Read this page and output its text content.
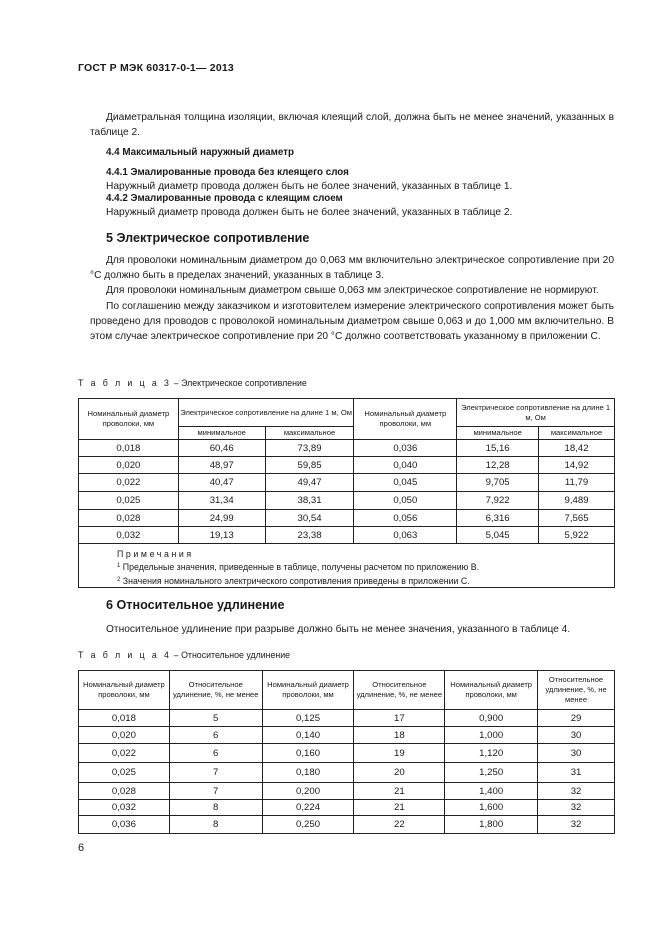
ГОСТ Р МЭК 60317-0-1— 2013

Диаметральная толщина изоляции, включая клеящий слой, должна быть не менее значений, указанных в таблице 2.

4.4 Максимальный наружный диаметр
4.4.1 Эмалированные провода без клеящего слоя
Наружный диаметр провода должен быть не более значений, указанных в таблице 1.
4.4.2 Эмалированные провода с клеящим слоем
Наружный диаметр провода должен быть не более значений, указанных в таблице 2.
5 Электрическое сопротивление

Для проволоки номинальным диаметром до 0,063 мм включительно электрическое сопротивление при 20 °С должно быть в пределах значений, указанных в таблице 3.

Для проволоки номинальным диаметром свыше 0,063 мм электрическое сопротивление не нормируют.

По соглашению между заказчиком и изготовителем измерение электрического сопротивления может быть проведено для проводов с проволокой номинальным диаметром свыше 0,063 и до 1,000 мм включительно. В этом случае электрическое сопротивление при 20 °С должно соответствовать указанному в приложении С.

Т а б л и ц а 3 – Электрическое сопротивление
Номинальный диаметр проволоки, мм	Электрическое сопротивление на длине 1 м, Ом		Номинальный диаметр проволоки, мм	Электрическое сопротивление на длине 1 м, Ом	
	минимальное	максимальное		минимальное	максимальное
0,018	60,46	73,89	0,036	15,16	18,42
0,020	48,97	59,85	0,040	12,28	14,92
0,022	40,47	49,47	0,045	9,705	11,79
0,025	31,34	38,31	0,050	7,922	9,489
0,028	24,99	30,54	0,056	6,316	7,565
0,032	19,13	23,38	0,063	5,045	5,922

Примечания
$^1$ Предельные значения, приведенные в таблице, получены расчетом по приложению В.
$^2$ Значения номинального электрического сопротивления приведены в приложении С.					
6 Относительное удлинение
Относительное удлинение при разрыве должно быть не менее значения, указанного в таблице 4.
Т а б л и ц а 4 – Относительное удлинение
Номинальный диаметр проволоки, мм	Относительное удлинение, %, не менее	Номинальный диаметр проволоки, мм	Относительное удлинение, %, не менее	Номинальный диаметр проволоки, мм	Относительное удлинение, %, не менее
0,018	5	0,125	17	0,900	29
0,020	6	0,140	18	1,000	30
0,022	6	0,160	19	1,120	30
0,025	7	0,180	20	1,250	31
0,028	7	0,200	21	1,400	32
0,032	8	0,224	21	1,600	32
0,036	8	0,250	22	1,800	32
6
